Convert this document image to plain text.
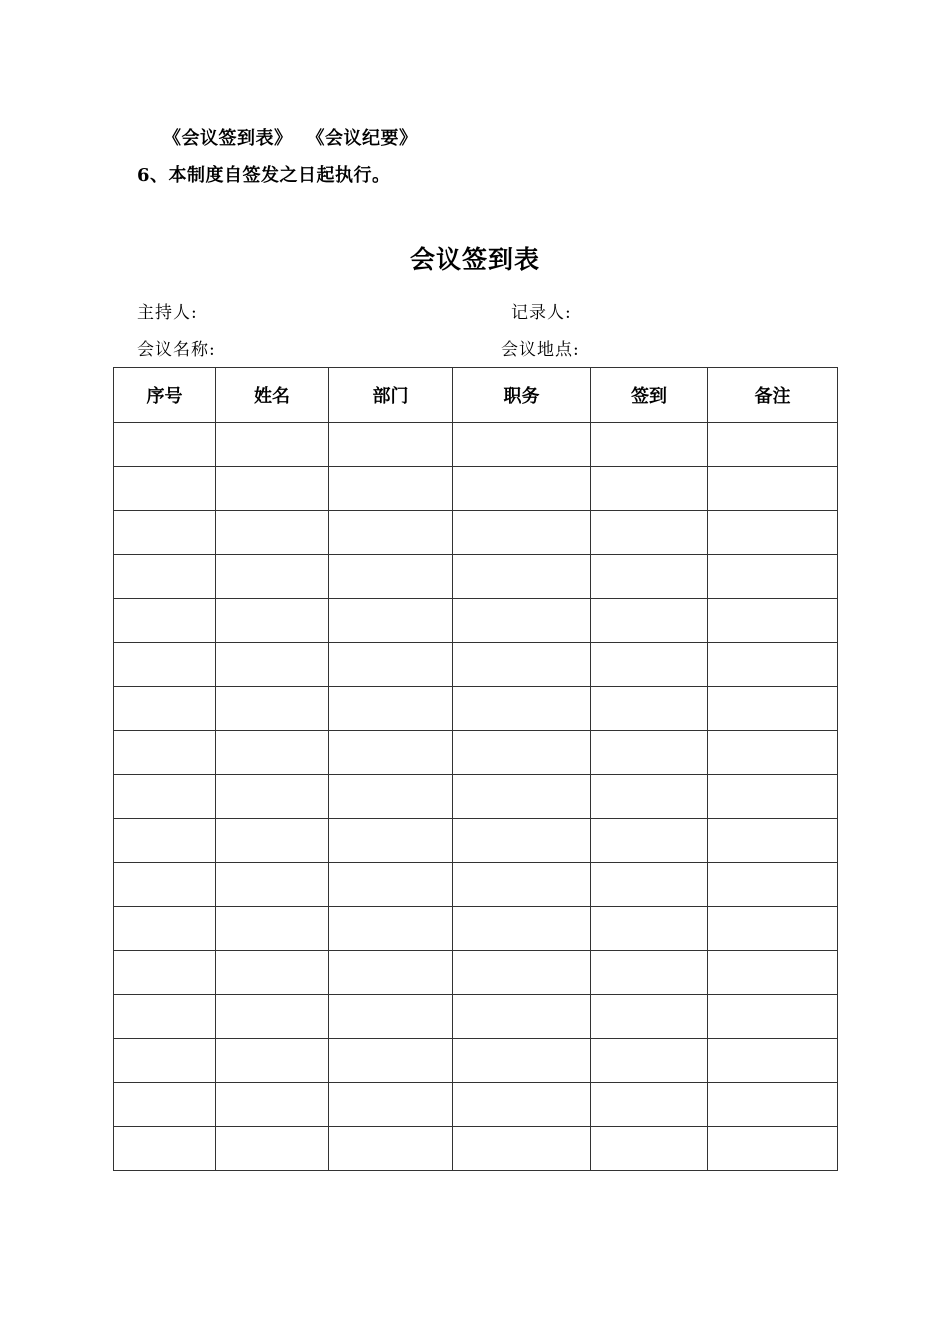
《会议签到表》 《会议纪要》
6、本制度自签发之日起执行。
会议签到表
主持人:	记录人:
会议名称:	会议地点:
序号	姓名	部门	职务	签到	备注
